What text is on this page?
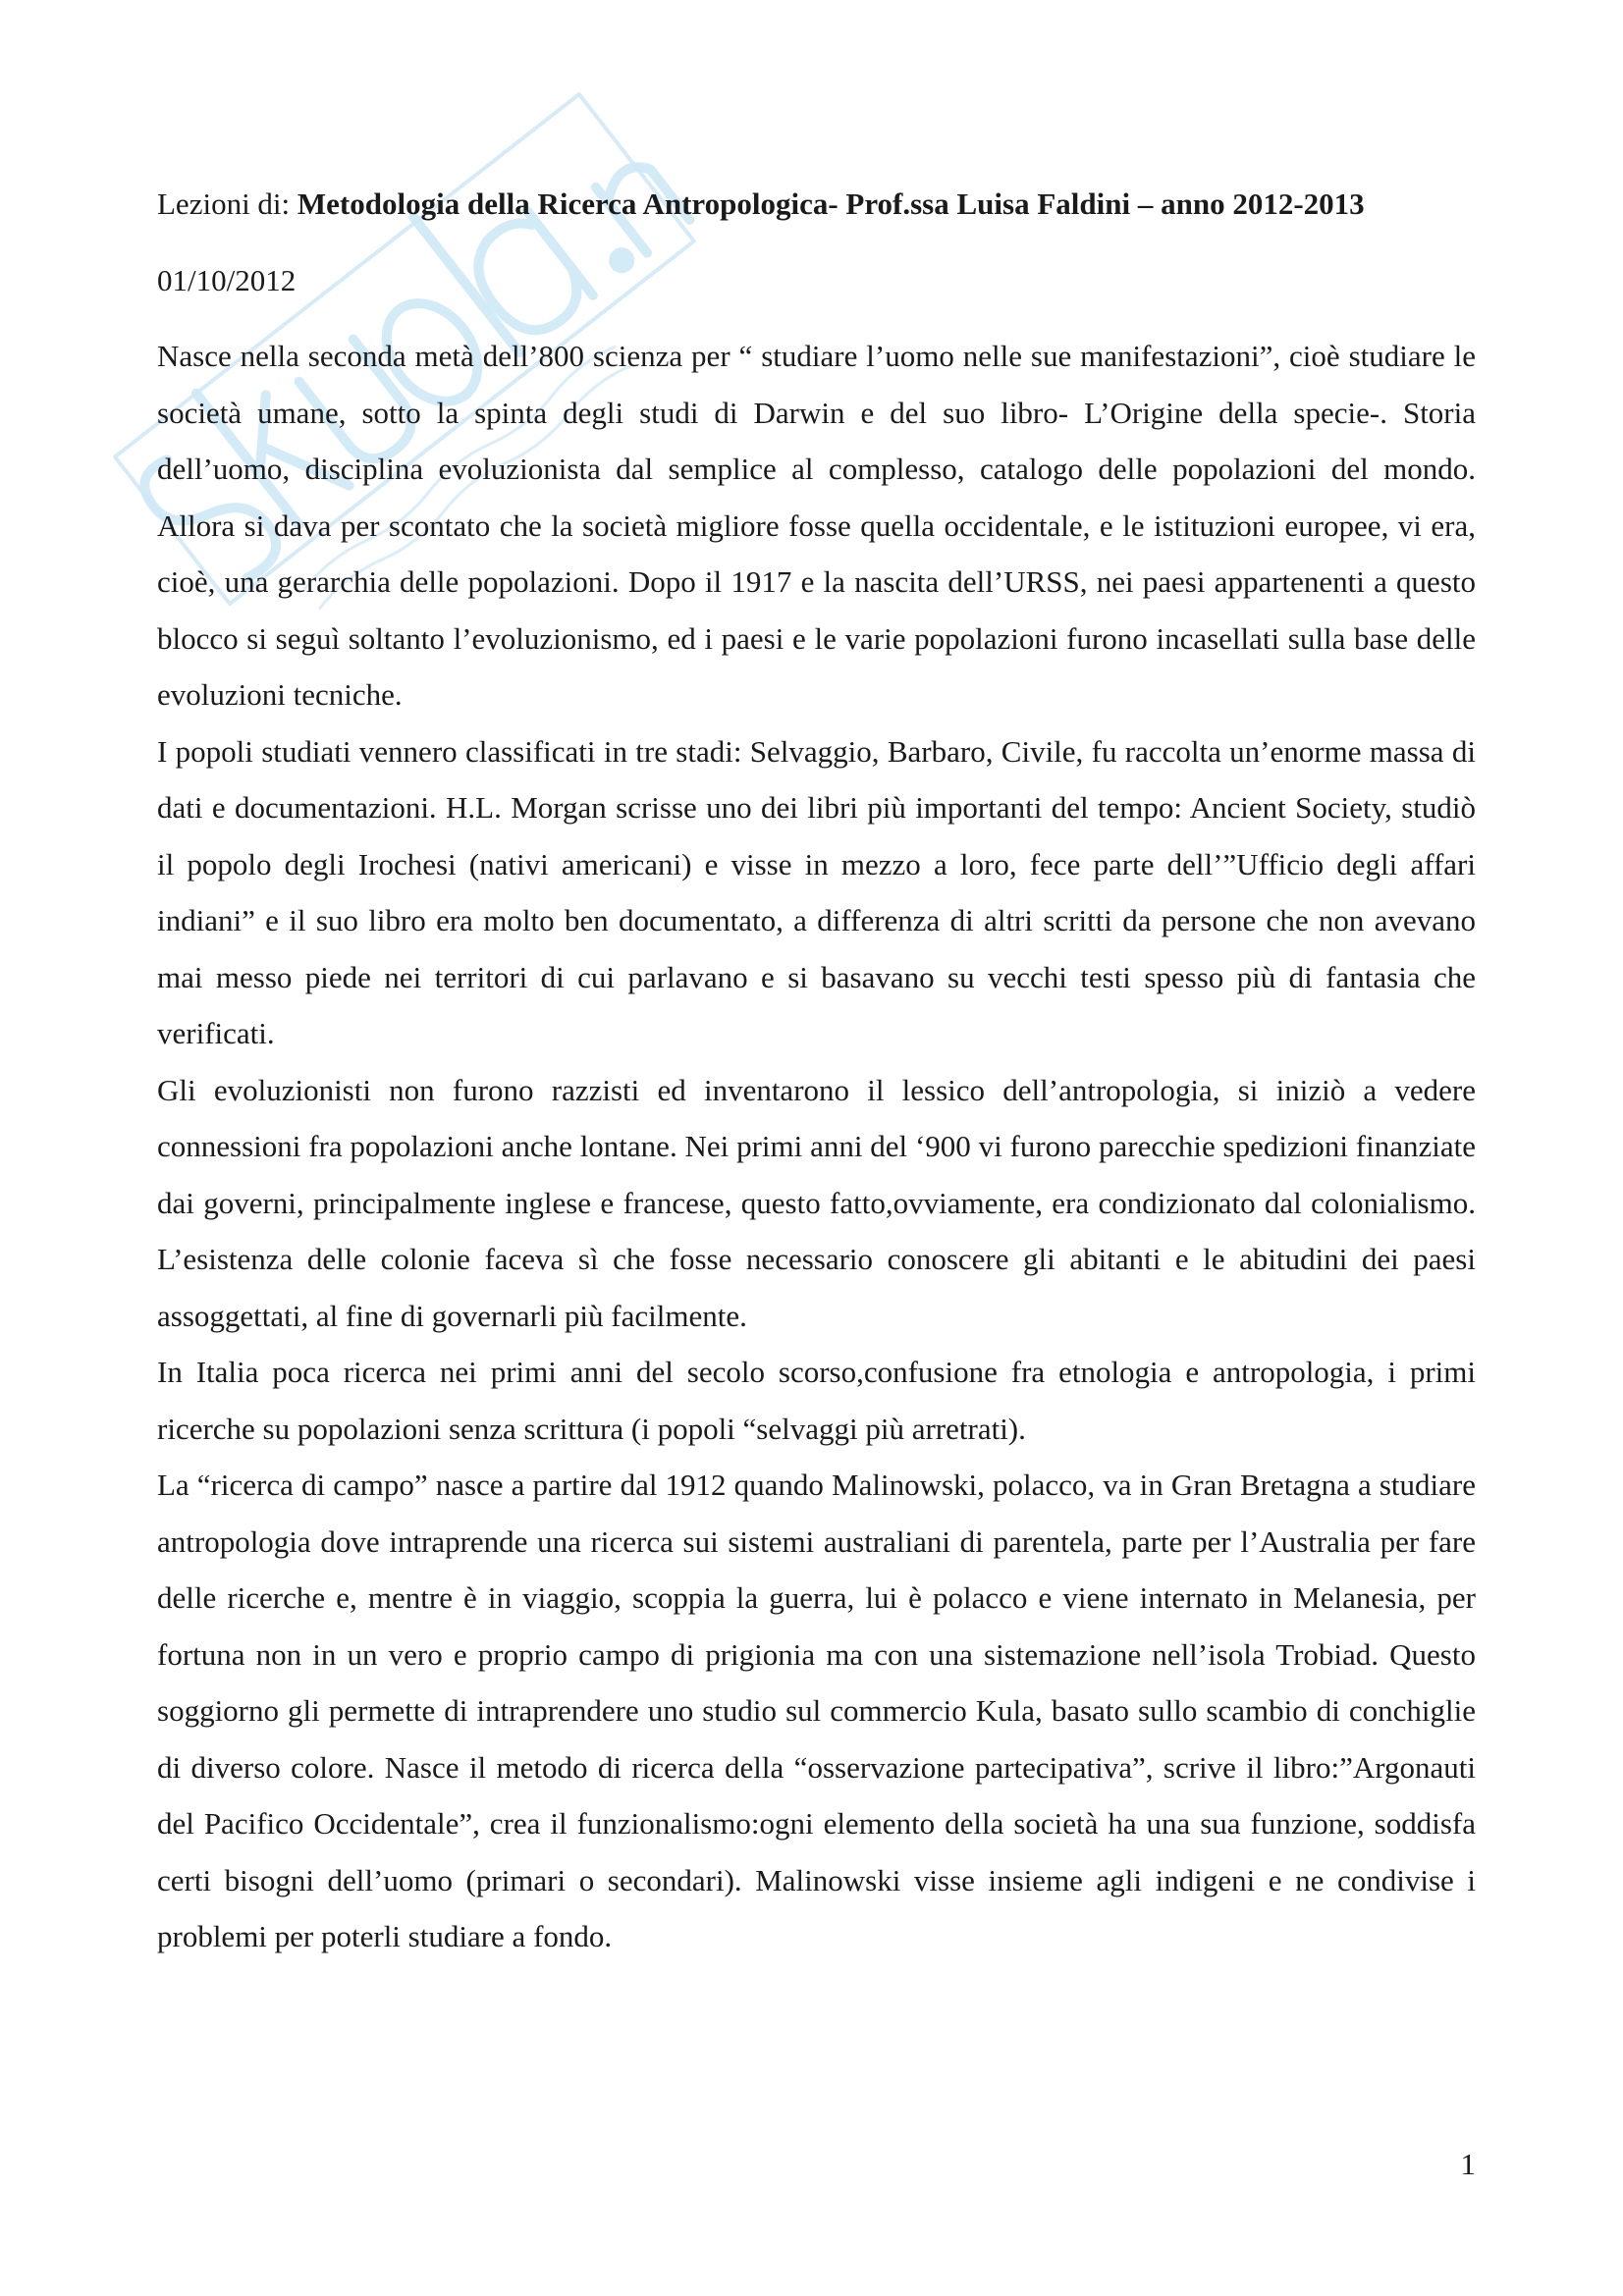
Lezioni di: Metodologia della Ricerca Antropologica- Prof.ssa Luisa Faldini – anno 2012-2013

01/10/2012

Nasce nella seconda metà dell’800 scienza per “ studiare l’uomo nelle sue manifestazioni”, cioè studiare le società umane, sotto la spinta degli studi di Darwin e del suo libro- L’Origine della specie-. Storia dell’uomo, disciplina evoluzionista dal semplice al complesso, catalogo delle popolazioni del mondo. Allora si dava per scontato che la società migliore fosse quella occidentale, e le istituzioni europee, vi era, cioè, una gerarchia delle popolazioni. Dopo il 1917 e la nascita dell’URSS, nei paesi appartenenti a questo blocco si seguì soltanto l’evoluzionismo, ed i paesi e le varie popolazioni furono incasellati sulla base delle evoluzioni tecniche.

I popoli studiati vennero classificati in tre stadi: Selvaggio, Barbaro, Civile, fu raccolta un’enorme massa di dati e documentazioni. H.L. Morgan scrisse uno dei libri più importanti del tempo: Ancient Society, studiò il popolo degli Irochesi (nativi americani) e visse in mezzo a loro, fece parte dell’”Ufficio degli affari indiani” e il suo libro era molto ben documentato, a differenza di altri scritti da persone che non avevano mai messo piede nei territori di cui parlavano e si basavano su vecchi testi spesso più di fantasia che verificati.

Gli evoluzionisti non furono razzisti ed inventarono il lessico dell’antropologia, si iniziò a vedere connessioni fra popolazioni anche lontane. Nei primi anni del ‘900 vi furono parecchie spedizioni finanziate dai governi, principalmente inglese e francese, questo fatto,ovviamente, era condizionato dal colonialismo. L’esistenza delle colonie faceva sì che fosse necessario conoscere gli abitanti e le abitudini dei paesi assoggettati, al fine di governarli più facilmente.

In Italia poca ricerca nei primi anni del secolo scorso,confusione fra etnologia e antropologia, i primi ricerche su popolazioni senza scrittura (i popoli “selvaggi più arretrati).

La “ricerca di campo” nasce a partire dal 1912 quando Malinowski, polacco, va in Gran Bretagna a studiare antropologia dove intraprende una ricerca sui sistemi australiani di parentela, parte per l’Australia per fare delle ricerche e, mentre è in viaggio, scoppia la guerra, lui è polacco e viene internato in Melanesia, per fortuna non in un vero e proprio campo di prigionia ma con una sistemazione nell’isola Trobiad. Questo soggiorno gli permette di intraprendere uno studio sul commercio Kula, basato sullo scambio di conchiglie di diverso colore. Nasce il metodo di ricerca della “osservazione partecipativa”, scrive il libro:”Argonauti del Pacifico Occidentale”, crea il funzionalismo:ogni elemento della società ha una sua funzione, soddisfa certi bisogni dell’uomo (primari o secondari). Malinowski visse insieme agli indigeni e ne condivise i problemi per poterli studiare a fondo.

1
